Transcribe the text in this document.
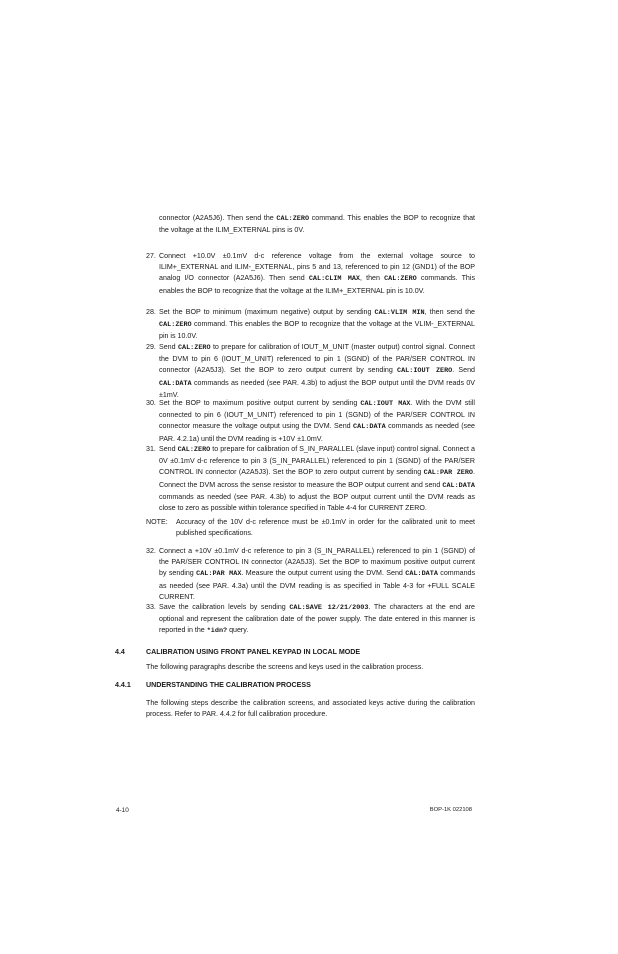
connector (A2A5J6). Then send the CAL:ZERO command. This enables the BOP to recognize that the voltage at the ILIM_EXTERNAL pins is 0V.
27. Connect +10.0V ±0.1mV d-c reference voltage from the external voltage source to ILIM+_EXTERNAL and ILIM-_EXTERNAL, pins 5 and 13, referenced to pin 12 (GND1) of the BOP analog I/O connector (A2A5J6). Then send CAL:CLIM MAX, then CAL:ZERO commands. This enables the BOP to recognize that the voltage at the ILIM+_EXTERNAL pin is 10.0V.
28. Set the BOP to minimum (maximum negative) output by sending CAL:VLIM MIN, then send the CAL:ZERO command. This enables the BOP to recognize that the voltage at the VLIM-_EXTERNAL pin is 10.0V.
29. Send CAL:ZERO to prepare for calibration of IOUT_M_UNIT (master output) control signal. Connect the DVM to pin 6 (IOUT_M_UNIT) referenced to pin 1 (SGND) of the PAR/SER CONTROL IN connector (A2A5J3). Set the BOP to zero output current by sending CAL:IOUT ZERO. Send CAL:DATA commands as needed (see PAR. 4.3b) to adjust the BOP output until the DVM reads 0V ±1mV.
30. Set the BOP to maximum positive output current by sending CAL:IOUT MAX. With the DVM still connected to pin 6 (IOUT_M_UNIT) referenced to pin 1 (SGND) of the PAR/SER CONTROL IN connector measure the voltage output using the DVM. Send CAL:DATA commands as needed (see PAR. 4.2.1a) until the DVM reading is +10V ±1.0mV.
31. Send CAL:ZERO to prepare for calibration of S_IN_PARALLEL (slave input) control signal. Connect a 0V ±0.1mV d-c reference to pin 3 (S_IN_PARALLEL) referenced to pin 1 (SGND) of the PAR/SER CONTROL IN connector (A2A5J3). Set the BOP to zero output current by sending CAL:PAR ZERO. Connect the DVM across the sense resistor to measure the BOP output current and send CAL:DATA commands as needed (see PAR. 4.3b) to adjust the BOP output current until the DVM reads as close to zero as possible within tolerance specified in Table 4-4 for CURRENT ZERO.
NOTE:	Accuracy of the 10V d-c reference must be ±0.1mV in order for the calibrated unit to meet published specifications.
32. Connect a +10V ±0.1mV d-c reference to pin 3 (S_IN_PARALLEL) referenced to pin 1 (SGND) of the PAR/SER CONTROL IN connector (A2A5J3). Set the BOP to maximum positive output current by sending CAL:PAR MAX. Measure the output current using the DVM. Send CAL:DATA commands as needed (see PAR. 4.3a) until the DVM reading is as specified in Table 4-3 for +FULL SCALE CURRENT.
33. Save the calibration levels by sending CAL:SAVE 12/21/2003. The characters at the end are optional and represent the calibration date of the power supply. The date entered in this manner is reported in the *idn? query.
4.4	CALIBRATION USING FRONT PANEL KEYPAD IN LOCAL MODE
The following paragraphs describe the screens and keys used in the calibration process.
4.4.1 UNDERSTANDING THE CALIBRATION PROCESS
The following steps describe the calibration screens, and associated keys active during the calibration process. Refer to PAR. 4.4.2 for full calibration procedure.
4-10	BOP-1K 022108
